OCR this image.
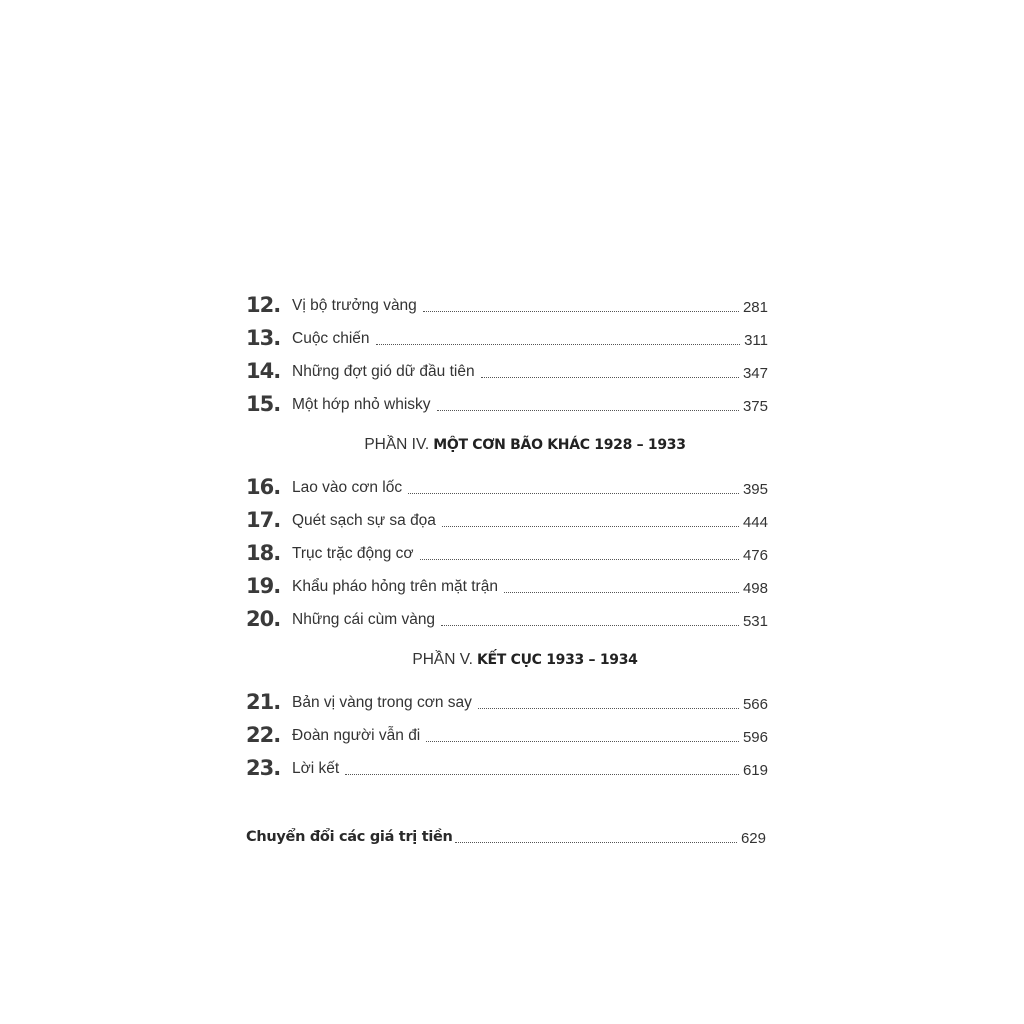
12. Vị bộ trưởng vàng	281
13. Cuộc chiến	311
14. Những đợt gió dữ đầu tiên	347
15. Một hớp nhỏ whisky	375
PHẦN IV. MỘT CƠN BÃO KHÁC 1928 – 1933
16. Lao vào cơn lốc	395
17. Quét sạch sự sa đọa	444
18. Trục trặc động cơ	476
19. Khẩu pháo hỏng trên mặt trận	498
20. Những cái cùm vàng	531
PHẦN V. KẾT CỤC 1933 – 1934
21. Bản vị vàng trong cơn say	566
22. Đoàn người vẫn đi	596
23. Lời kết	619
Chuyển đổi các giá trị tiền	629
